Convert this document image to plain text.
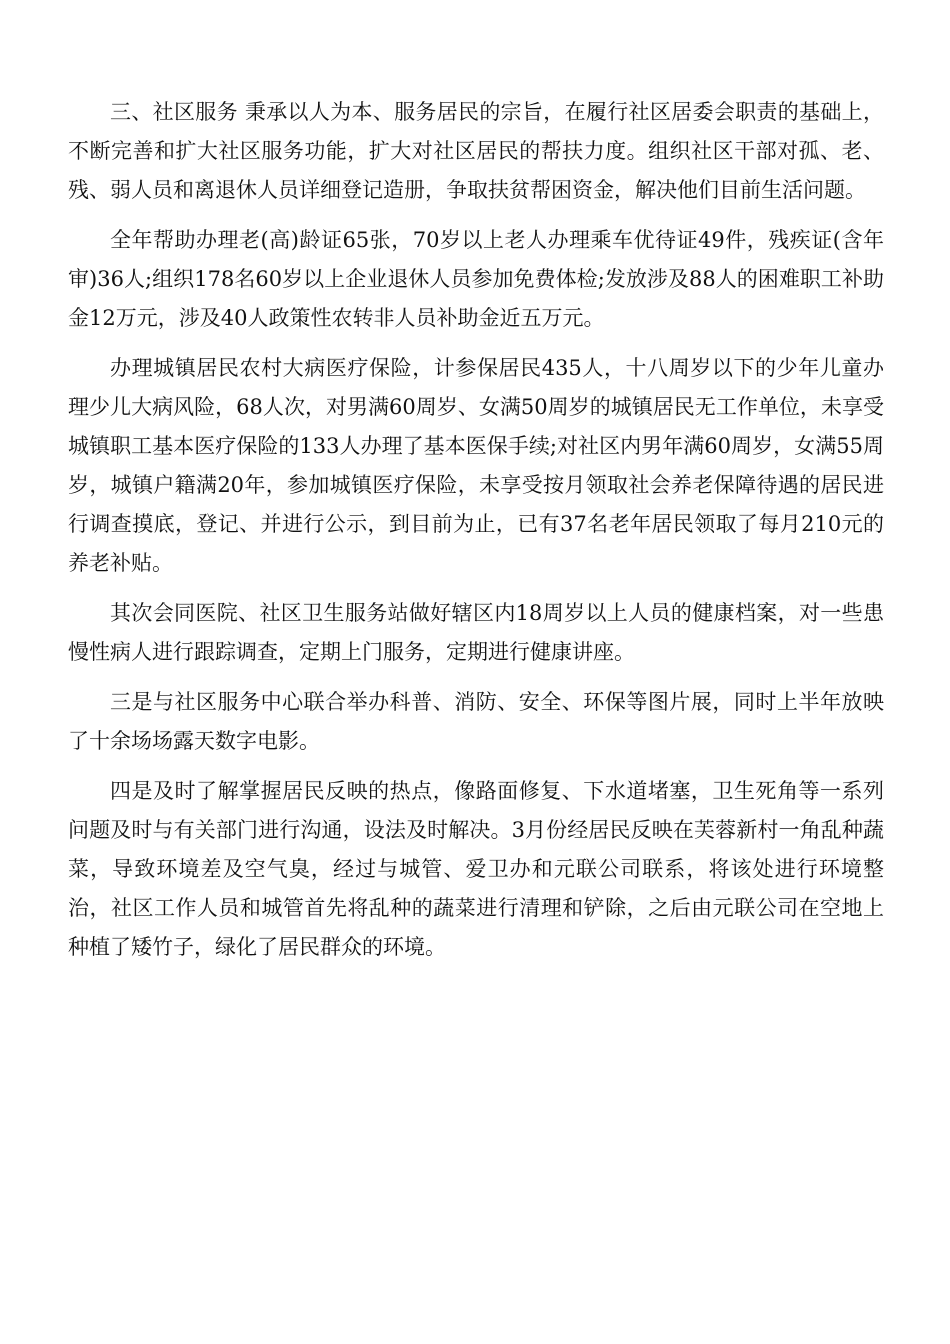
三、社区服务 秉承以人为本、服务居民的宗旨，在履行社区居委会职责的基础上，不断完善和扩大社区服务功能，扩大对社区居民的帮扶力度。组织社区干部对孤、老、残、弱人员和离退休人员详细登记造册，争取扶贫帮困资金，解决他们目前生活问题。

全年帮助办理老(高)龄证65张，70岁以上老人办理乘车优待证49件，残疾证(含年审)36人;组织178名60岁以上企业退休人员参加免费体检;发放涉及88人的困难职工补助金12万元，涉及40人政策性农转非人员补助金近五万元。

办理城镇居民农村大病医疗保险，计参保居民435人，十八周岁以下的少年儿童办理少儿大病风险，68人次，对男满60周岁、女满50周岁的城镇居民无工作单位，未享受城镇职工基本医疗保险的133人办理了基本医保手续;对社区内男年满60周岁，女满55周岁，城镇户籍满20年，参加城镇医疗保险，未享受按月领取社会养老保障待遇的居民进行调查摸底，登记、并进行公示，到目前为止，已有37名老年居民领取了每月210元的养老补贴。

其次会同医院、社区卫生服务站做好辖区内18周岁以上人员的健康档案，对一些患慢性病人进行跟踪调查，定期上门服务，定期进行健康讲座。

三是与社区服务中心联合举办科普、消防、安全、环保等图片展，同时上半年放映了十余场场露天数字电影。

四是及时了解掌握居民反映的热点，像路面修复、下水道堵塞，卫生死角等一系列问题及时与有关部门进行沟通，设法及时解决。3月份经居民反映在芙蓉新村一角乱种蔬菜，导致环境差及空气臭，经过与城管、爱卫办和元联公司联系，将该处进行环境整治，社区工作人员和城管首先将乱种的蔬菜进行清理和铲除，之后由元联公司在空地上种植了矮竹子，绿化了居民群众的环境。
